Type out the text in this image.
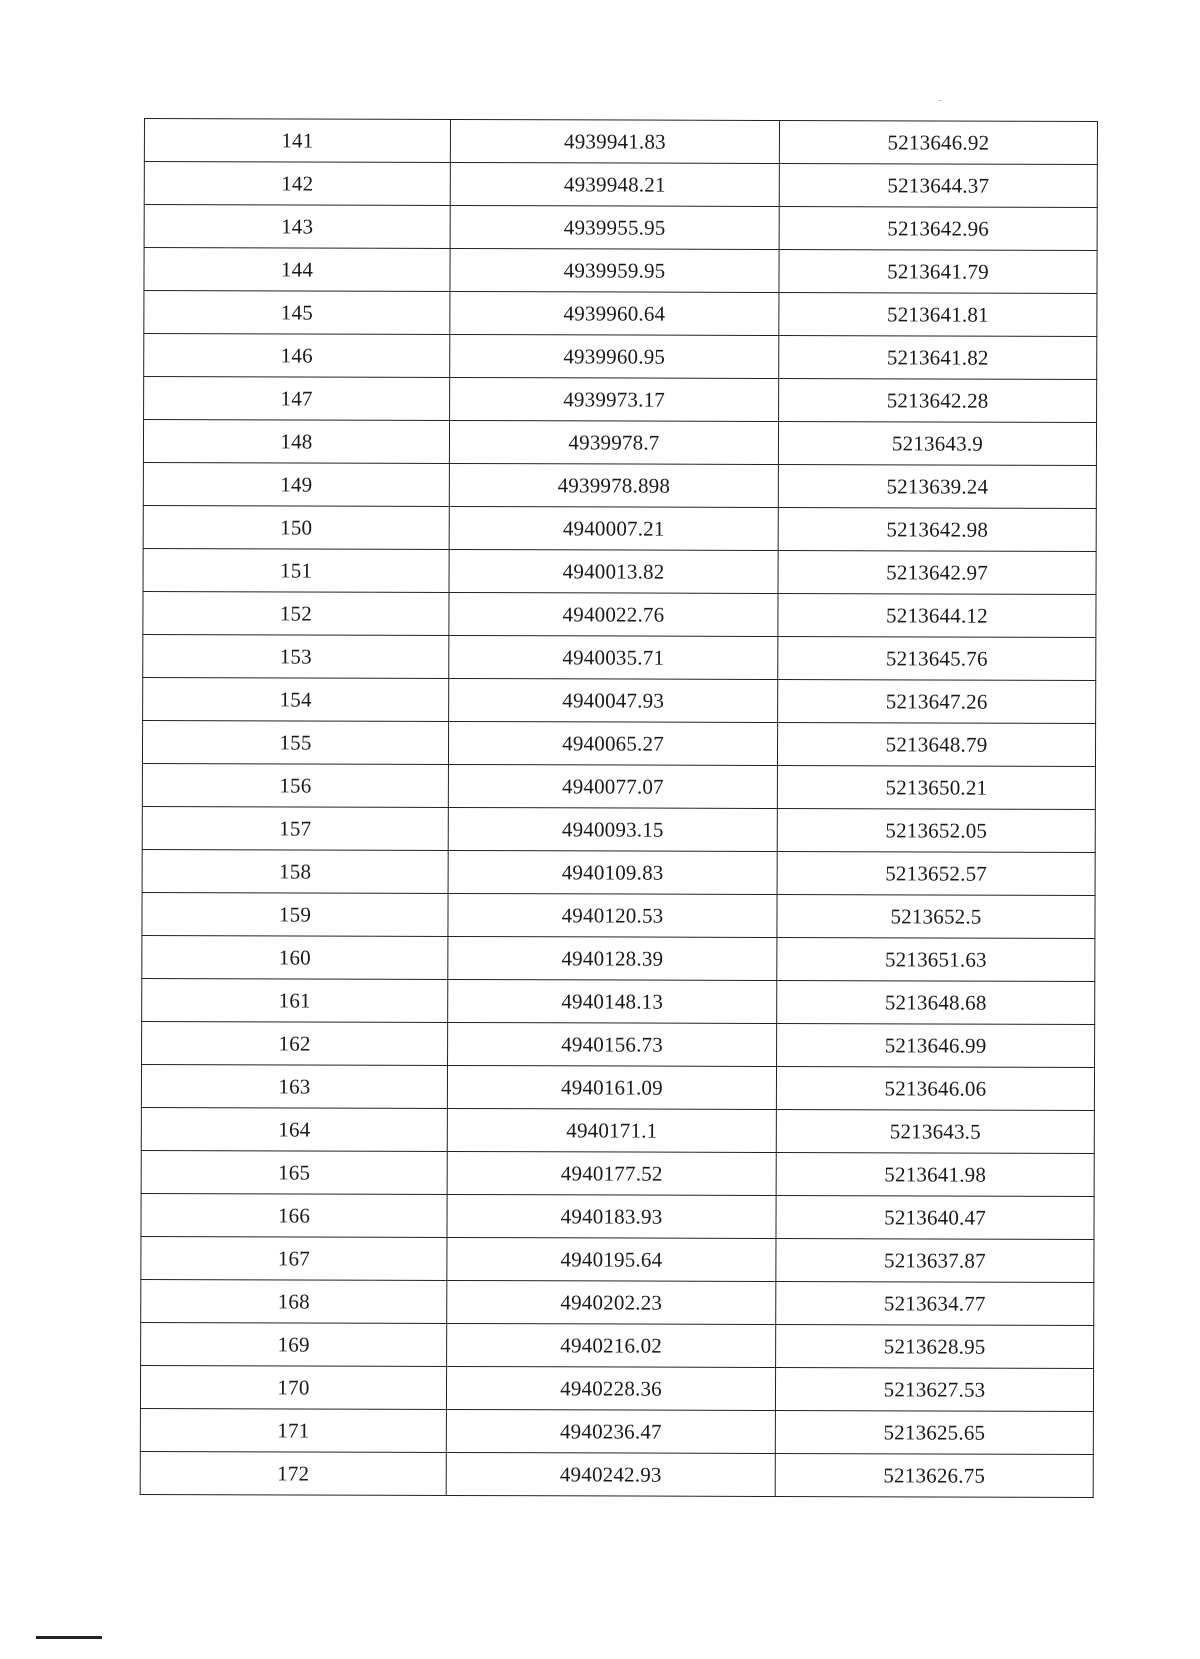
141	4939941.83	5213646.92
142	4939948.21	5213644.37
143	4939955.95	5213642.96
144	4939959.95	5213641.79
145	4939960.64	5213641.81
146	4939960.95	5213641.82
147	4939973.17	5213642.28
148	4939978.7	5213643.9
149	4939978.898	5213639.24
150	4940007.21	5213642.98
151	4940013.82	5213642.97
152	4940022.76	5213644.12
153	4940035.71	5213645.76
154	4940047.93	5213647.26
155	4940065.27	5213648.79
156	4940077.07	5213650.21
157	4940093.15	5213652.05
158	4940109.83	5213652.57
159	4940120.53	5213652.5
160	4940128.39	5213651.63
161	4940148.13	5213648.68
162	4940156.73	5213646.99
163	4940161.09	5213646.06
164	4940171.1	5213643.5
165	4940177.52	5213641.98
166	4940183.93	5213640.47
167	4940195.64	5213637.87
168	4940202.23	5213634.77
169	4940216.02	5213628.95
170	4940228.36	5213627.53
171	4940236.47	5213625.65
172	4940242.93	5213626.75
